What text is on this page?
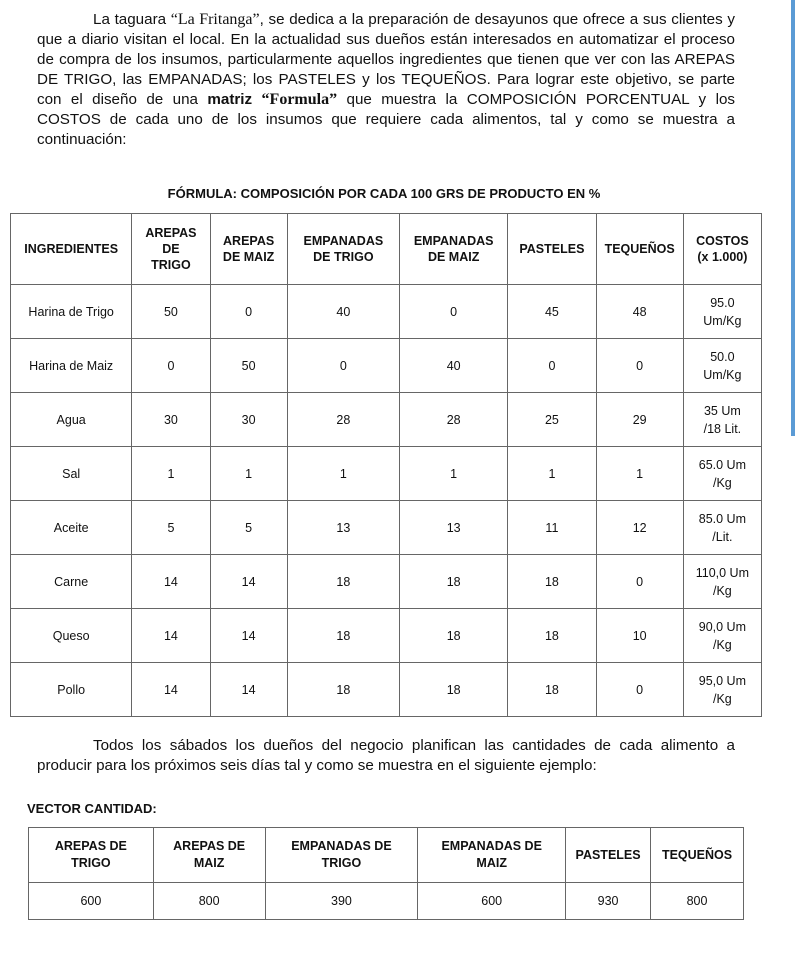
La taguara “La Fritanga”, se dedica a la preparación de desayunos que ofrece a sus clientes y que a diario visitan el local. En la actualidad sus dueños están interesados en automatizar el proceso de compra de los insumos, particularmente aquellos ingredientes que tienen que ver con las AREPAS DE TRIGO, las EMPANADAS; los PASTELES y los TEQUEÑOS. Para lograr este objetivo, se parte con el diseño de una matriz “Formula” que muestra la COMPOSICIÓN PORCENTUAL y los COSTOS de cada uno de los insumos que requiere cada alimentos, tal y como se muestra a continuación:
FÓRMULA: COMPOSICIÓN POR CADA 100 GRS DE PRODUCTO EN %
INGREDIENTES	AREPAS
DE
TRIGO	AREPAS
DE MAIZ	EMPANADAS
DE TRIGO	EMPANADAS
DE MAIZ	PASTELES	TEQUEÑOS	COSTOS
(x 1.000)
Harina de Trigo	50	0	40	0	45	48	95.0
Um/Kg
Harina de Maiz	0	50	0	40	0	0	50.0
Um/Kg
Agua	30	30	28	28	25	29	35 Um
/18 Lit.
Sal	1	1	1	1	1	1	65.0 Um
/Kg
Aceite	5	5	13	13	11	12	85.0 Um
/Lit.
Carne	14	14	18	18	18	0	110,0 Um
/Kg
Queso	14	14	18	18	18	10	90,0 Um
/Kg
Pollo	14	14	18	18	18	0	95,0 Um
/Kg
Todos los sábados los dueños del negocio planifican las cantidades de cada alimento a producir para los próximos seis días tal y como se muestra en el siguiente ejemplo:
VECTOR CANTIDAD:
AREPAS DE
TRIGO	AREPAS DE
MAIZ	EMPANADAS DE
TRIGO	EMPANADAS DE
MAIZ	PASTELES	TEQUEÑOS
600	800	390	600	930	800
